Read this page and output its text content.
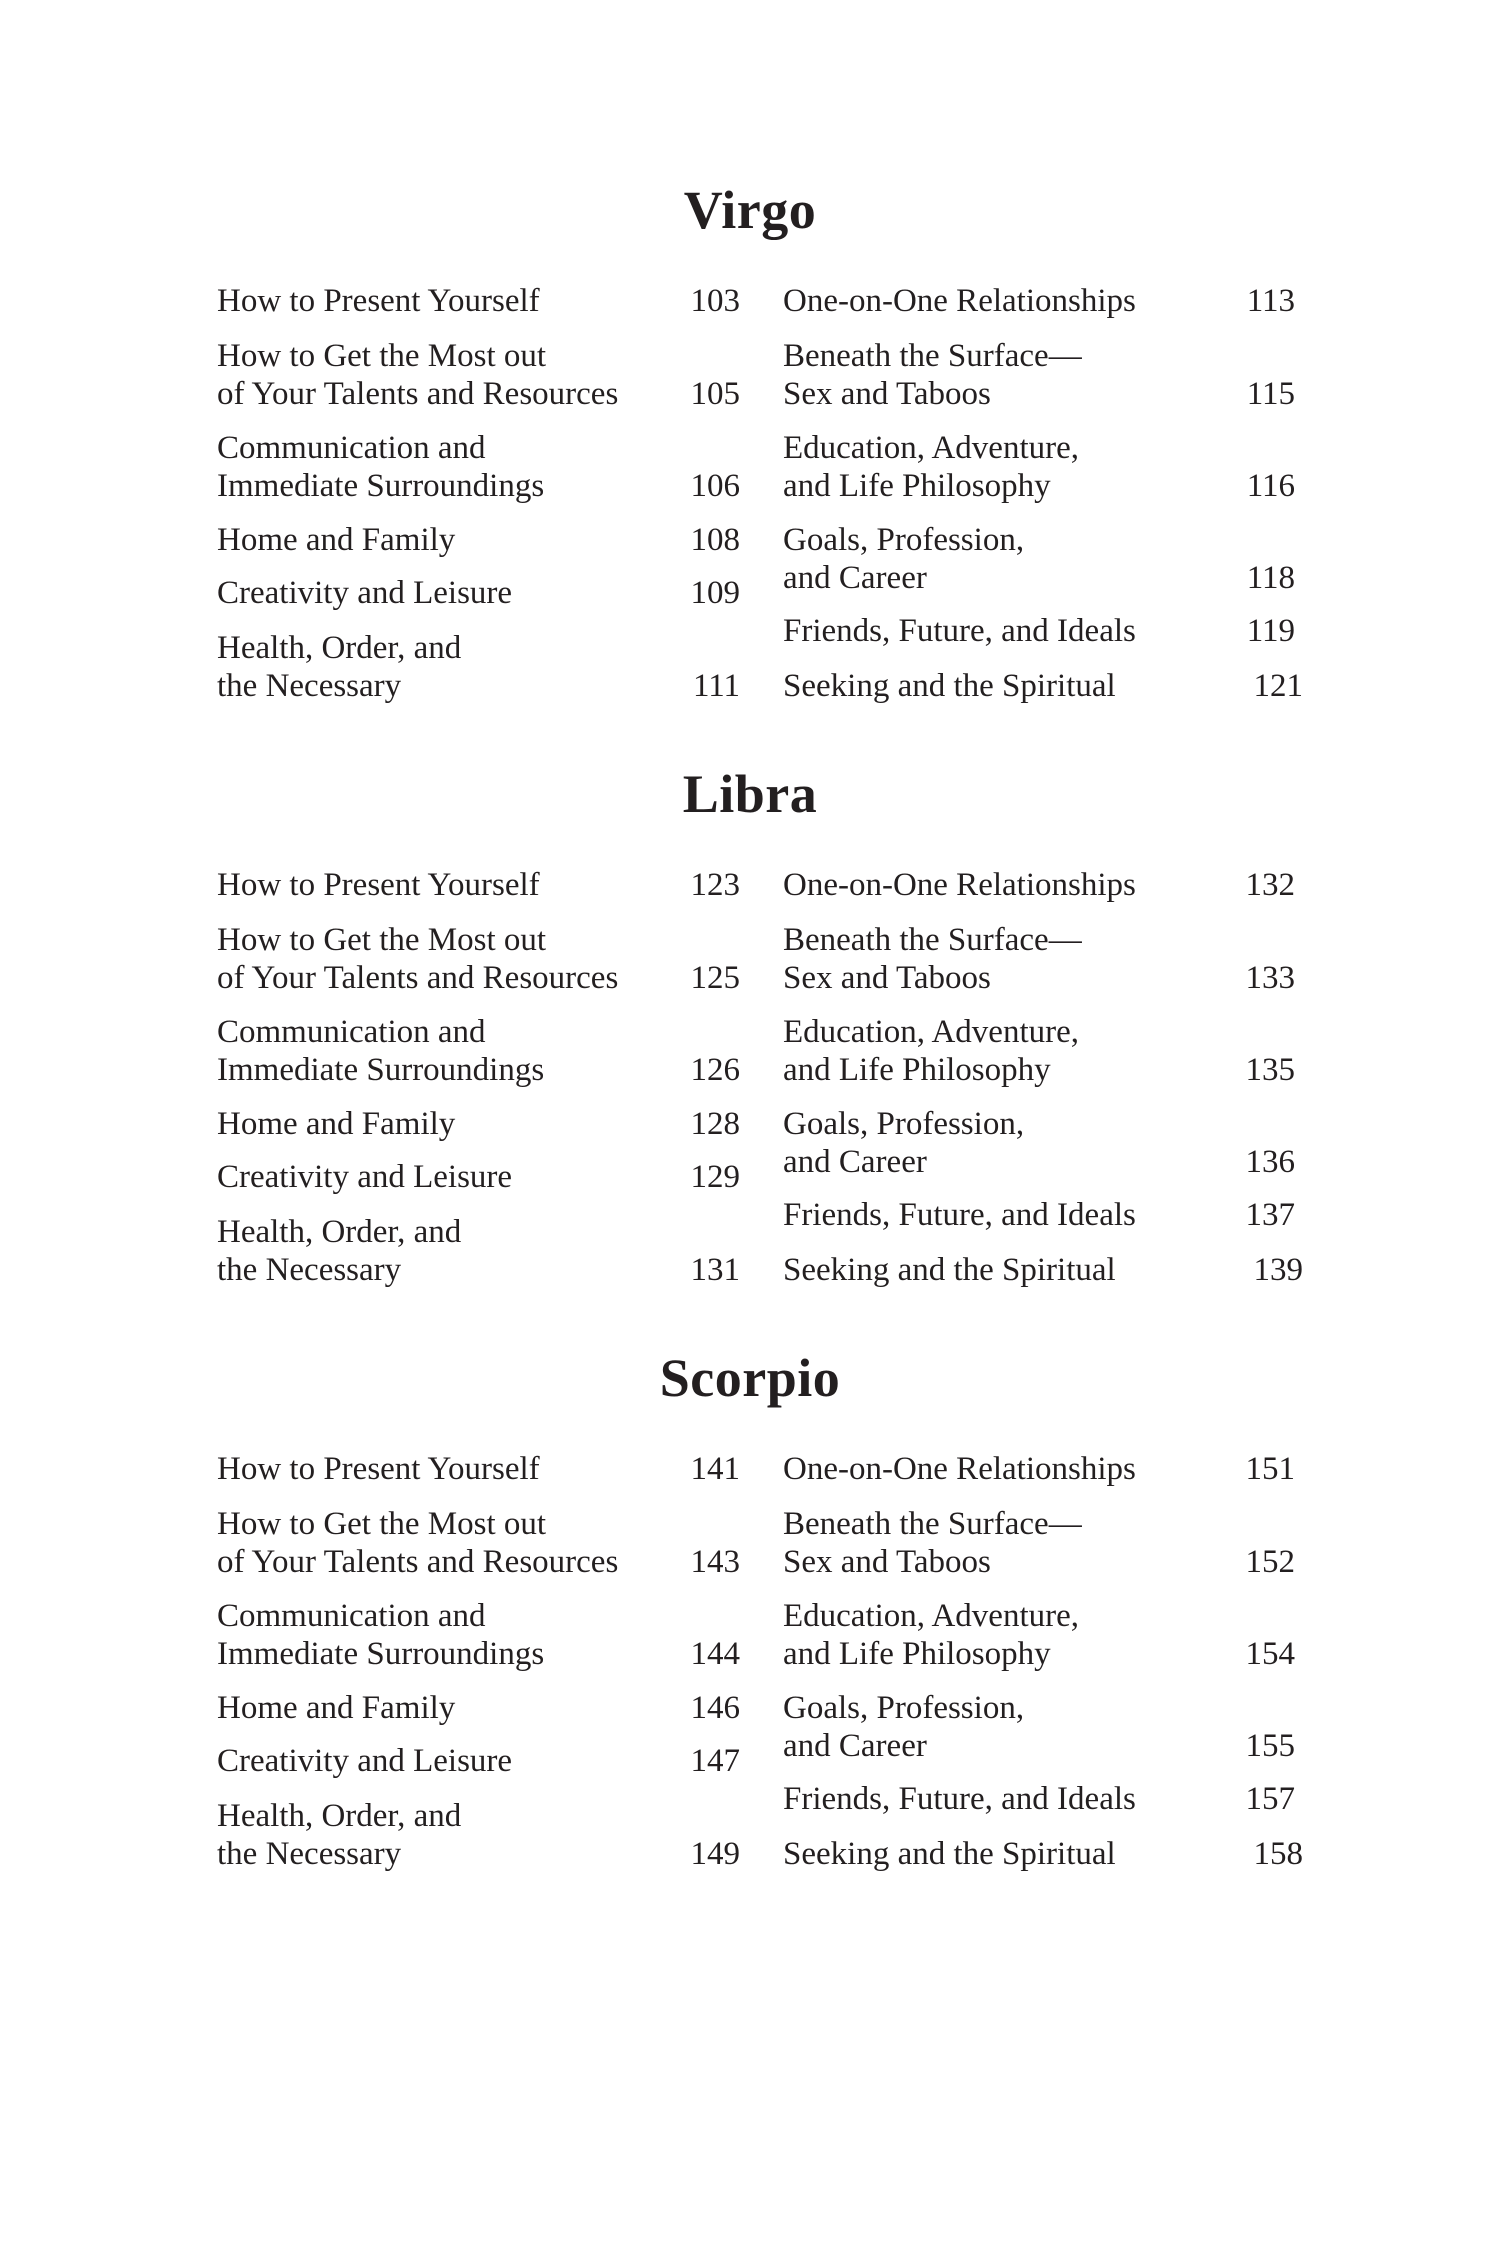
Virgo
How to Present Yourself	103
How to Get the Most out
of Your Talents and Resources	105
Communication and
Immediate Surroundings	106
Home and Family	108
Creativity and Leisure	109
Health, Order, and
the Necessary	111
One-on-One Relationships	113
Beneath the Surface—
Sex and Taboos	115
Education, Adventure,
and Life Philosophy	116
Goals, Profession,
and Career	118
Friends, Future, and Ideals	119
Seeking and the Spiritual	121
Libra
How to Present Yourself	123
How to Get the Most out
of Your Talents and Resources	125
Communication and
Immediate Surroundings	126
Home and Family	128
Creativity and Leisure	129
Health, Order, and
the Necessary	131
One-on-One Relationships	132
Beneath the Surface—
Sex and Taboos	133
Education, Adventure,
and Life Philosophy	135
Goals, Profession,
and Career	136
Friends, Future, and Ideals	137
Seeking and the Spiritual	139
Scorpio
How to Present Yourself	141
How to Get the Most out
of Your Talents and Resources	143
Communication and
Immediate Surroundings	144
Home and Family	146
Creativity and Leisure	147
Health, Order, and
the Necessary	149
One-on-One Relationships	151
Beneath the Surface—
Sex and Taboos	152
Education, Adventure,
and Life Philosophy	154
Goals, Profession,
and Career	155
Friends, Future, and Ideals	157
Seeking and the Spiritual	158
